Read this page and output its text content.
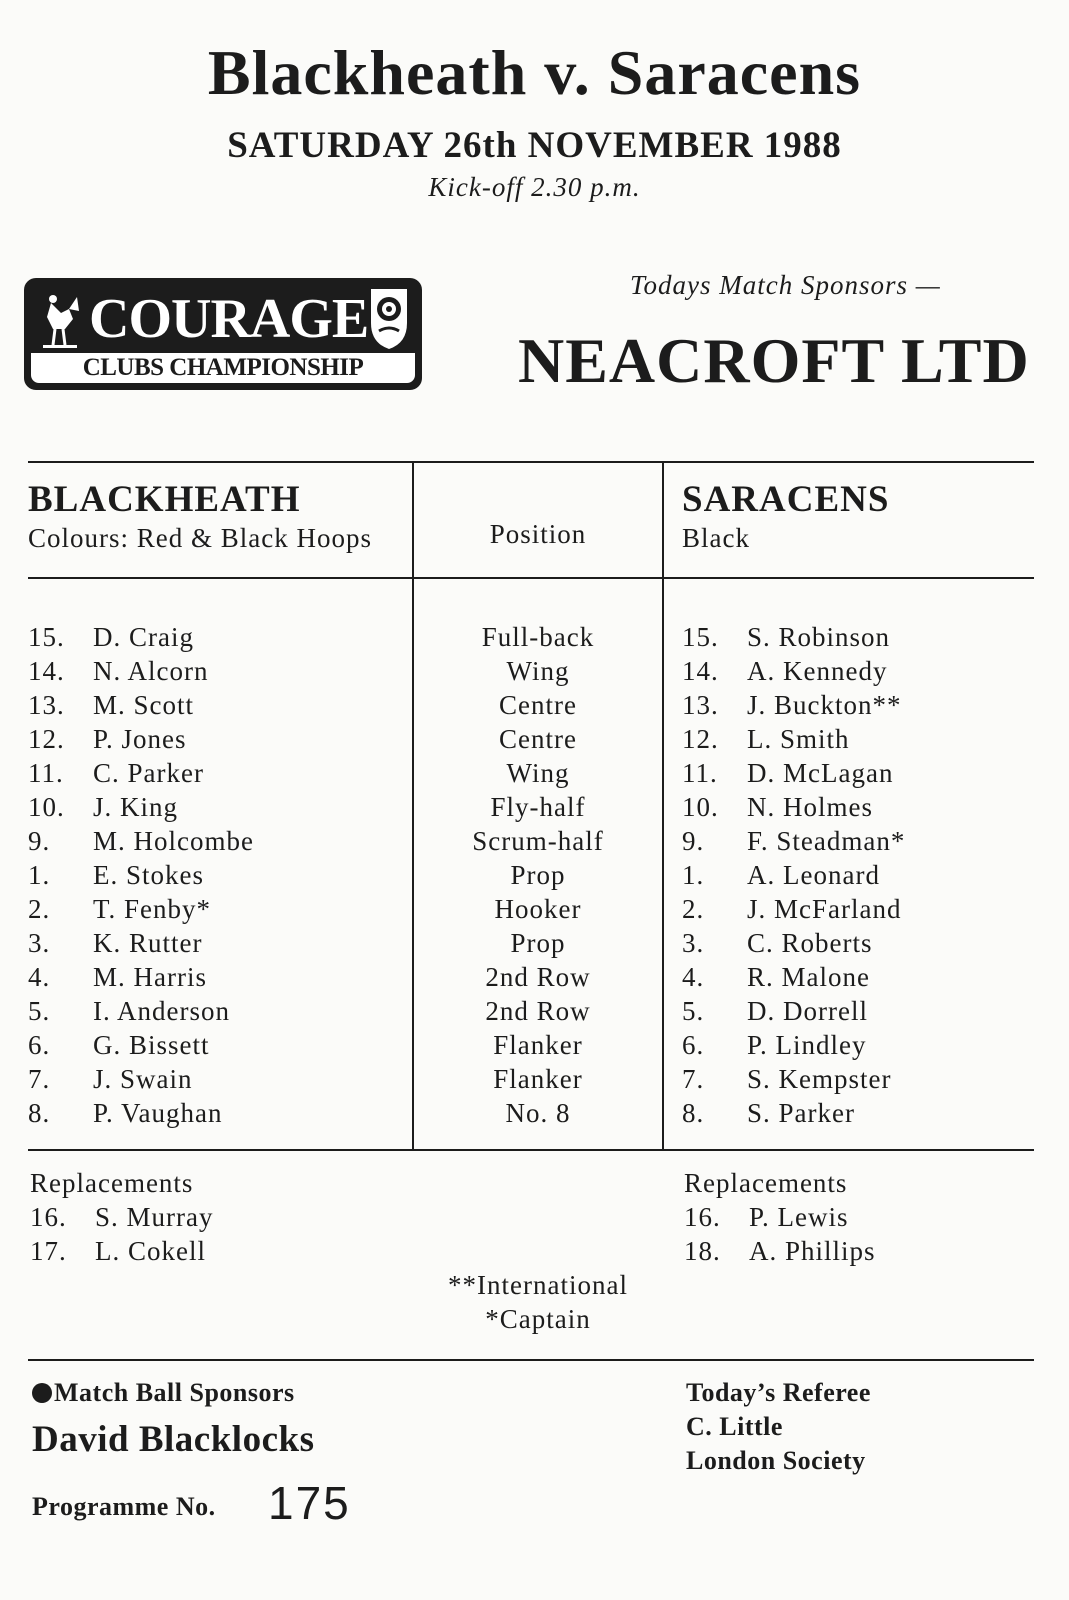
Blackheath v. Saracens
SATURDAY 26th NOVEMBER 1988
Kick-off 2.30 p.m.
COURAGE
CLUBS CHAMPIONSHIP
Todays Match Sponsors —
NEACROFT LTD
BLACKHEATH
Colours: Red & Black Hoops	Position
SARACENS
Black
15. D. Craig
14. N. Alcorn
13. M. Scott
12. P. Jones
11. C. Parker
10. J. King
9. M. Holcombe
1. E. Stokes
2. T. Fenby*
3. K. Rutter
4. M. Harris
5. I. Anderson
6. G. Bissett
7. J. Swain
8. P. Vaughan
Full-back
Wing
Centre
Centre
Wing
Fly-half
Scrum-half
Prop
Hooker
Prop
2nd Row
2nd Row
Flanker
Flanker
No. 8
15. S. Robinson
14. A. Kennedy
13. J. Buckton**
12. L. Smith
11. D. McLagan
10. N. Holmes
9. F. Steadman*
1. A. Leonard
2. J. McFarland
3. C. Roberts
4. R. Malone
5. D. Dorrell
6. P. Lindley
7. S. Kempster
8. S. Parker
Replacements
16. S. Murray
17. L. Cokell
Replacements
16. P. Lewis
18. A. Phillips
**International
*Captain
Match Ball Sponsors
David Blacklocks
Programme No. 175
Today’s Referee
C. Little
London Society
